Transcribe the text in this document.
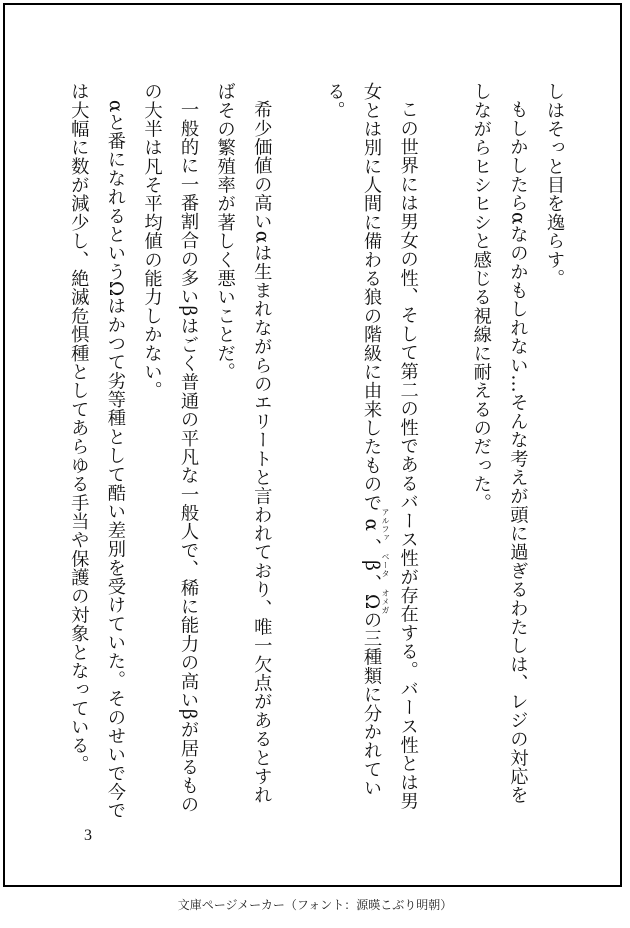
しはそっと目を逸らす。

もしかしたらαなのかもしれない…そんな考えが頭に過ぎるわたしは、レジの対応をしながらヒシヒシと感じる視線に耐えるのだった。

この世界には男女の性、そして第二の性であるバース性が存在する。バース性とは男女とは別に人間に備わる狼の階級に由来したものでα アルファ、β ベータ、Ω オメガの三種類に分かれている。

希少価値の高いαは生まれながらのエリートと言われており、唯一欠点があるとすればその繁殖率が著しく悪いことだ。

一般的に一番割合の多いβはごく普通の平凡な一般人で、稀に能力の高いβが居るものの大半は凡そ平均値の能力しかない。

αと番になれるというΩはかつて劣等種として酷い差別を受けていた。そのせいで今では大幅に数が減少し、絶滅危惧種としてあらゆる手当や保護の対象となっている。

3
文庫ページメーカー（フォント：源暎こぶり明朝）
